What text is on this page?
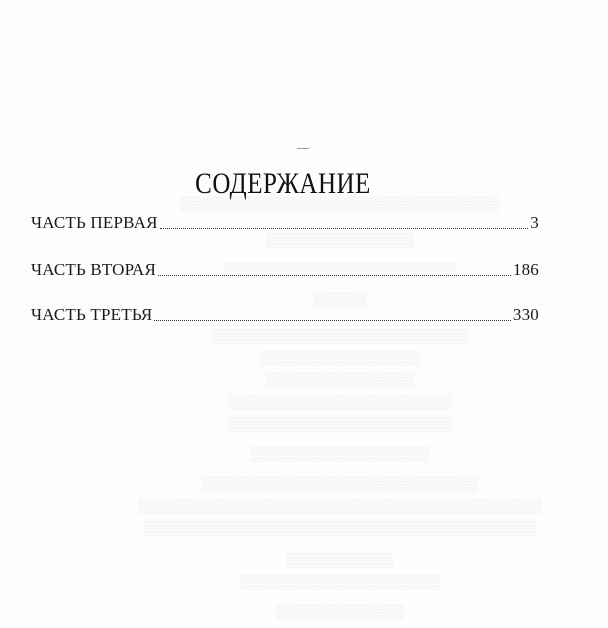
▒▒▒▒▒▒▒▒▒▒▒▒▒▒▒▒▒▒▒▒▒▒▒▒▒▒▒▒▒▒
▒▒▒▒▒▒▒▒▒▒▒▒▒▒
▒▒▒▒▒▒▒▒▒▒▒▒▒▒▒▒▒▒▒▒▒▒
▒▒▒▒▒
▒▒▒▒▒▒▒▒▒▒▒▒▒▒▒▒▒▒▒▒▒▒▒▒
▒▒▒▒▒▒▒▒▒▒▒▒▒▒▒
▒▒▒▒▒▒▒▒▒▒▒▒▒▒
▒▒▒▒▒▒▒▒▒▒▒▒▒▒▒▒▒▒▒▒▒
▒▒▒▒▒▒▒▒▒▒▒▒▒▒▒▒▒▒▒▒▒
▒▒▒▒▒▒▒▒▒▒▒▒▒▒▒▒▒
▒▒▒▒▒▒▒▒▒▒▒▒▒▒▒▒▒▒▒▒▒▒▒▒▒▒
▒▒▒▒▒▒▒▒▒▒▒▒▒▒▒▒▒▒▒▒▒▒▒▒▒▒▒▒▒▒▒▒▒▒▒▒▒▒
▒▒▒▒▒▒▒▒▒▒▒▒▒▒▒▒▒▒▒▒▒▒▒▒▒▒▒▒▒▒▒▒▒▒▒▒▒
▒▒▒▒▒▒▒▒▒▒
▒▒▒▒▒▒▒▒▒▒▒▒▒▒▒▒▒▒▒
▒▒▒▒▒▒▒▒▒▒▒▒
СОДЕРЖАНИЕ
ЧАСТЬ ПЕРВАЯ	3
ЧАСТЬ ВТОРАЯ	186
ЧАСТЬ ТРЕТЬЯ	330
